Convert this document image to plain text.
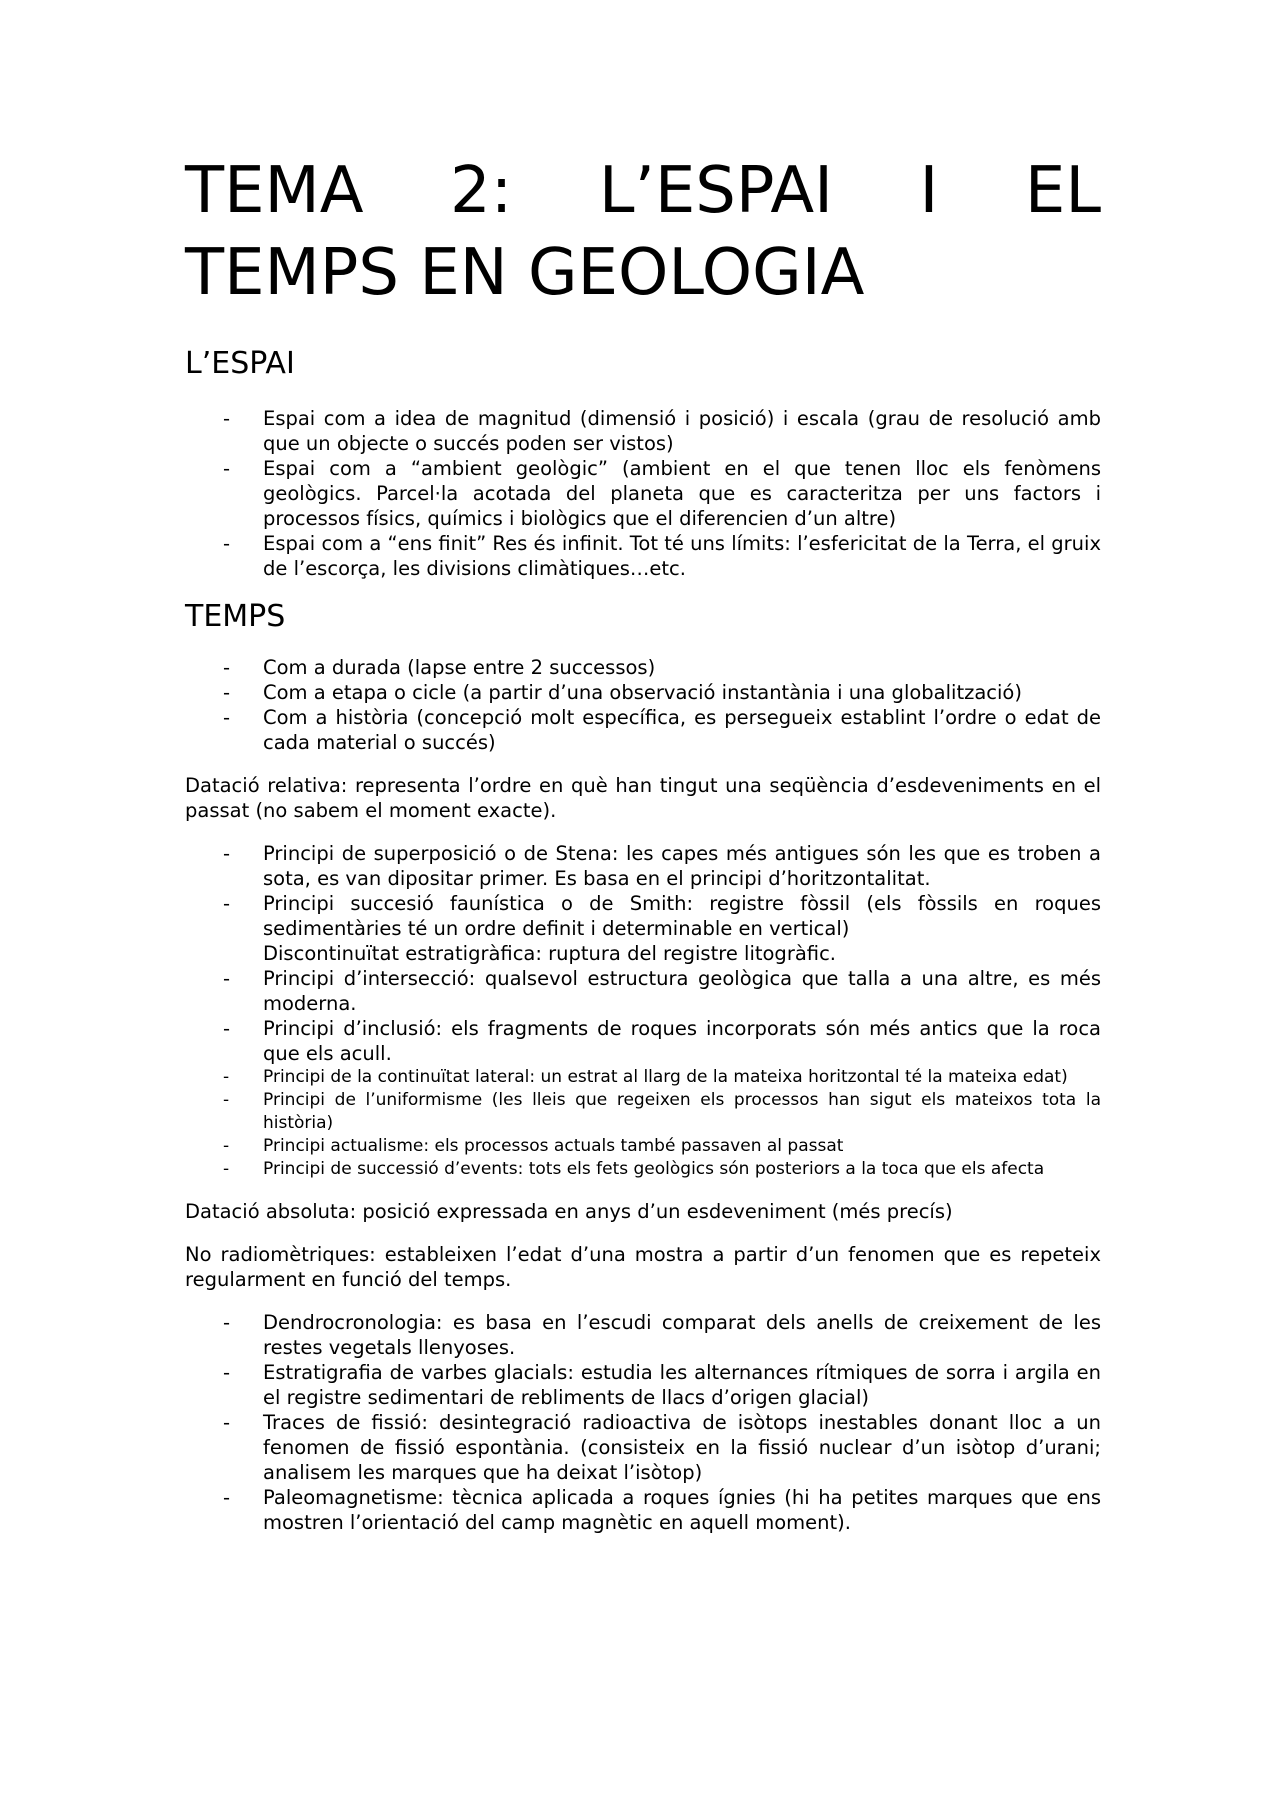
TEMA 2: L’ESPAI I EL
TEMPS EN GEOLOGIA
L’ESPAI
- Espai com a idea de magnitud (dimensió i posició) i escala (grau de resolució amb que un objecte o succés poden ser vistos)
- Espai com a “ambient geològic” (ambient en el que tenen lloc els fenòmens geològics. Parcel·la acotada del planeta que es caracteritza per uns factors i processos físics, químics i biològics que el diferencien d’un altre)
- Espai com a “ens finit” Res és infinit. Tot té uns límits: l’esfericitat de la Terra, el gruix de l’escorça, les divisions climàtiques…etc.
TEMPS
- Com a durada (lapse entre 2 successos)
- Com a etapa o cicle (a partir d’una observació instantània i una globalització)
- Com a història (concepció molt específica, es persegueix establint l’ordre o edat de cada material o succés)

Datació relativa: representa l’ordre en què han tingut una seqüència d’esdeveniments en el passat (no sabem el moment exacte).

- Principi de superposició o de Stena: les capes més antigues són les que es troben a sota, es van dipositar primer. Es basa en el principi d’horitzontalitat.
- Principi succesió faunística o de Smith: registre fòssil (els fòssils en roques sedimentàries té un ordre definit i determinable en vertical)
Discontinuïtat estratigràfica: ruptura del registre litogràfic.
- Principi d’intersecció: qualsevol estructura geològica que talla a una altre, es més moderna.
- Principi d’inclusió: els fragments de roques incorporats són més antics que la roca que els acull.
- Principi de la continuïtat lateral: un estrat al llarg de la mateixa horitzontal té la mateixa edat)
- Principi de l’uniformisme (les lleis que regeixen els processos han sigut els mateixos tota la història)
- Principi actualisme: els processos actuals també passaven al passat
- Principi de successió d’events: tots els fets geològics són posteriors a la toca que els afecta

Datació absoluta: posició expressada en anys d’un esdeveniment (més precís)

No radiomètriques: estableixen l’edat d’una mostra a partir d’un fenomen que es repeteix regularment en funció del temps.

- Dendrocronologia: es basa en l’escudi comparat dels anells de creixement de les restes vegetals llenyoses.
- Estratigrafia de varbes glacials: estudia les alternances rítmiques de sorra i argila en el registre sedimentari de rebliments de llacs d’origen glacial)
- Traces de fissió: desintegració radioactiva de isòtops inestables donant lloc a un fenomen de fissió espontània. (consisteix en la fissió nuclear d’un isòtop d’urani; analisem les marques que ha deixat l’isòtop)
- Paleomagnetisme: tècnica aplicada a roques ígnies (hi ha petites marques que ens mostren l’orientació del camp magnètic en aquell moment).
